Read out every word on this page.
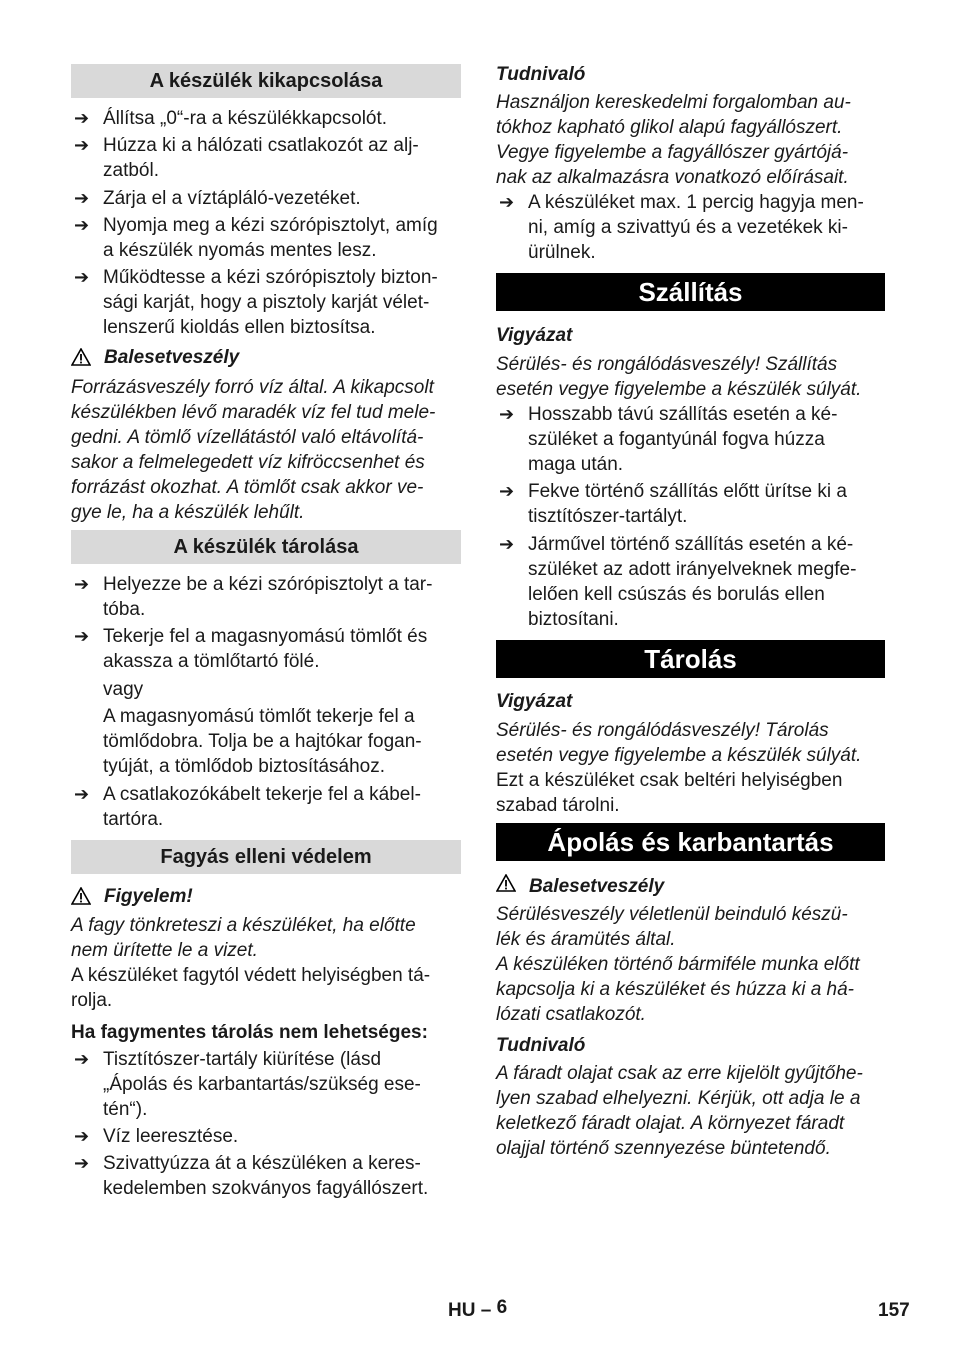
A készülék kikapcsolása
➔ Állítsa „0“-ra a készülékkapcsolót.
➔ Húzza ki a hálózati csatlakozót az alj-
zatból.
➔ Zárja el a víztápláló-vezetéket.
➔ Nyomja meg a kézi szórópisztolyt, amíg
a készülék nyomás mentes lesz.
➔ Működtesse a kézi szórópisztoly bizton-
sági karját, hogy a pisztoly karját vélet-
lenszerű kioldás ellen biztosítsa.
Balesetveszély
Forrázásveszély forró víz által. A kikapcsolt
készülékben lévő maradék víz fel tud mele-
gedni. A tömlő vízellátástól való eltávolítá-
sakor a felmelegedett víz kifröccsenhet és
forrázást okozhat. A tömlőt csak akkor ve-
gye le, ha a készülék lehűlt.
A készülék tárolása
➔ Helyezze be a kézi szórópisztolyt a tar-
tóba.
➔ Tekerje fel a magasnyomású tömlőt és
akassza a tömlőtartó fölé.
vagy
A magasnyomású tömlőt tekerje fel a
tömlődobra. Tolja be a hajtókar fogan-
tyúját, a tömlődob biztosításához.
➔ A csatlakozókábelt tekerje fel a kábel-
tartóra.
Fagyás elleni védelem
Figyelem!
A fagy tönkreteszi a készüléket, ha előtte
nem ürítette le a vizet.
A készüléket fagytól védett helyiségben tá-
rolja.
Ha fagymentes tárolás nem lehetséges:
➔ Tisztítószer-tartály kiürítése (lásd
„Ápolás és karbantartás/szükség ese-
tén“).
➔ Víz leeresztése.
➔ Szivattyúzza át a készüléken a keres-
kedelemben szokványos fagyállószert.
Tudnivaló
Használjon kereskedelmi forgalomban au-
tókhoz kapható glikol alapú fagyállószert.
Vegye figyelembe a fagyállószer gyártójá-
nak az alkalmazásra vonatkozó előírásait.
➔ A készüléket max. 1 percig hagyja men-
ni, amíg a szivattyú és a vezetékek ki-
ürülnek.
Szállítás
Vigyázat
Sérülés- és rongálódásveszély! Szállítás
esetén vegye figyelembe a készülék súlyát.
➔ Hosszabb távú szállítás esetén a ké-
szüléket a fogantyúnál fogva húzza
maga után.
➔ Fekve történő szállítás előtt ürítse ki a
tisztítószer-tartályt.
➔ Járművel történő szállítás esetén a ké-
szüléket az adott irányelveknek megfe-
lelően kell csúszás és borulás ellen
biztosítani.
Tárolás
Vigyázat
Sérülés- és rongálódásveszély! Tárolás
esetén vegye figyelembe a készülék súlyát.
Ezt a készüléket csak beltéri helyiségben
szabad tárolni.
Ápolás és karbantartás
Balesetveszély
Sérülésveszély véletlenül beinduló készü-
lék és áramütés által.
A készüléken történő bármiféle munka előtt
kapcsolja ki a készüléket és húzza ki a há-
lózati csatlakozót.
Tudnivaló
A fáradt olajat csak az erre kijelölt gyűjtőhe-
lyen szabad elhelyezni. Kérjük, ott adja le a
keletkező fáradt olajat. A környezet fáradt
olajjal történő szennyezése büntetendő.
HU – 6	157
